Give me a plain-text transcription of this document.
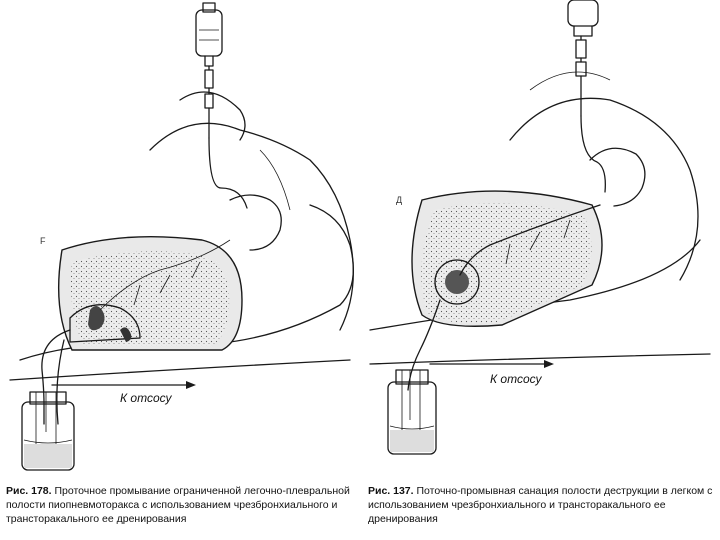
F
К отсосу
Д
К отсосу
Рис. 178. Проточное промывание ограниченной легочно-плевральной полости пиопневмоторакса с использованием чрезбронхиального и трансторакального ее дренирования
Рис. 137. Поточно-промывная санация полости деструкции в легком с использованием чрезбронхиального и трансторакального ее дренирования
